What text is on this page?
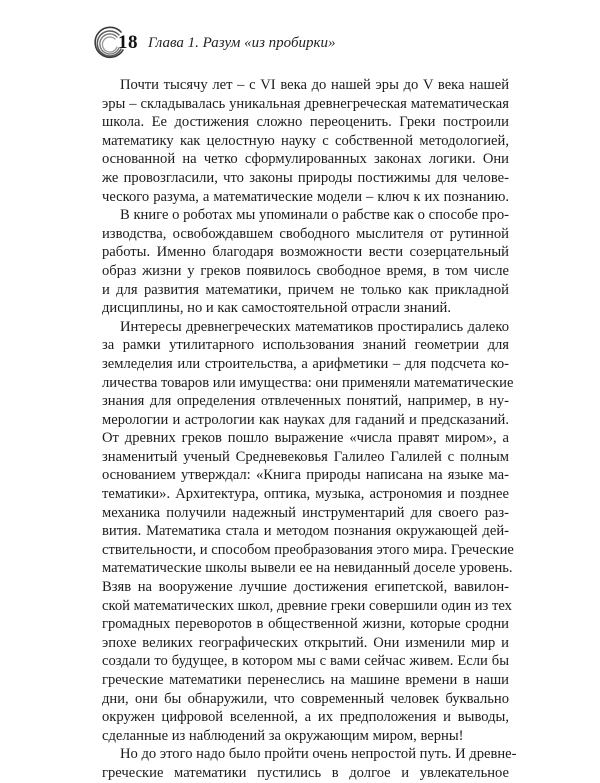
18 Глава 1. Разум «из пробирки»
Почти тысячу лет – с VI века до нашей эры до V века нашей
эры – складывалась уникальная древнегреческая математическая
школа. Ее достижения сложно переоценить. Греки построили
математику как целостную науку с собственной методологией,
основанной на четко сформулированных законах логики. Они
же провозгласили, что законы природы постижимы для челове-
ческого разума, а математические модели – ключ к их познанию.
В книге о роботах мы упоминали о рабстве как о способе про-
изводства, освобождавшем свободного мыслителя от рутинной
работы. Именно благодаря возможности вести созерцательный
образ жизни у греков появилось свободное время, в том числе
и для развития математики, причем не только как прикладной
дисциплины, но и как самостоятельной отрасли знаний.
Интересы древнегреческих математиков простирались далеко
за рамки утилитарного использования знаний геометрии для
земледелия или строительства, а арифметики – для подсчета ко-
личества товаров или имущества: они применяли математические
знания для определения отвлеченных понятий, например, в ну-
мерологии и астрологии как науках для гаданий и предсказаний.
От древних греков пошло выражение «числа правят миром», а
знаменитый ученый Средневековья Галилео Галилей с полным
основанием утверждал: «Книга природы написана на языке ма-
тематики». Архитектура, оптика, музыка, астрономия и позднее
механика получили надежный инструментарий для своего раз-
вития. Математика стала и методом познания окружающей дей-
ствительности, и способом преобразования этого мира. Греческие
математические школы вывели ее на невиданный доселе уровень.
Взяв на вооружение лучшие достижения египетской, вавилон-
ской математических школ, древние греки совершили один из тех
громадных переворотов в общественной жизни, которые сродни
эпохе великих географических открытий. Они изменили мир и
создали то будущее, в котором мы с вами сейчас живем. Если бы
греческие математики перенеслись на машине времени в наши
дни, они бы обнаружили, что современный человек буквально
окружен цифровой вселенной, а их предположения и выводы,
сделанные из наблюдений за окружающим миром, верны!
Но до этого надо было пройти очень непростой путь. И древне-
греческие математики пустились в долгое и увлекательное
